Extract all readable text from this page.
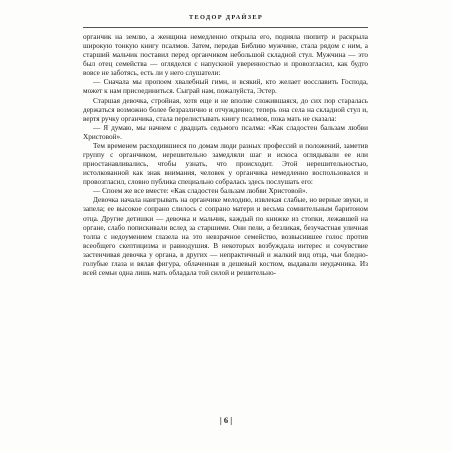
ТЕОДОР ДРАЙЗЕР

органчик на землю, а женщина немедленно открыла его, подняла пюпитр и раскрыла широкую тонкую книгу псалмов. Затем, передав Библию мужчине, стала рядом с ним, а старший мальчик поставил перед органчиком небольшой складной стул. Мужчина — это был отец семейства — огляделся с напускной уверенностью и провозгласил, как будто вовсе не заботясь, есть ли у него слушатели:

— Сначала мы пропоем хвалебный гимн, и всякий, кто желает восславить Господа, может к нам присоединиться. Сыграй нам, пожалуйста, Эстер.

Старшая девочка, стройная, хотя еще и не вполне сложившаяся, до сих пор старалась держаться возможно более безразлично и отчужденно; теперь она села на складной стул и, вертя ручку органчика, стала перелистывать книгу псалмов, пока мать не сказала:

— Я думаю, мы начнем с двадцать седьмого псалма: «Как сладостен бальзам любви Христовой».

Тем временем расходившиеся по домам люди разных профессий и положений, заметив группу с органчиком, нерешительно замедляли шаг и искоса оглядывали ее или приостанавливались, чтобы узнать, что происходит. Этой нерешительностью, истолкованной как знак внимания, человек у органчика немедленно воспользовался и провозгласил, словно публика специально собралась здесь послушать его:

— Споем же все вместе: «Как сладостен бальзам любви Христовой».

Девочка начала наигрывать на органчике мелодию, извлекая слабые, но верные звуки, и запела; ее высокое сопрано слилось с сопрано матери и весьма сомнительным баритоном отца. Другие детишки — девочка и мальчик, каждый по книжке из стопки, лежавшей на органе, слабо попискивали вслед за старшими. Они пели, а безликая, безучастная уличная толпа с недоумением глазела на это невзрачное семейство, возвысившее голос против всеобщего скептицизма и равнодушия. В некоторых возбуждала интерес и сочувствие застенчивая девочка у органа, в других — непрактичный и жалкий вид отца, чьи бледно-голубые глаза и вялая фигура, облаченная в дешевый костюм, выдавали неудачника. Из всей семьи одна лишь мать обладала той силой и решительно-

| 6 |
